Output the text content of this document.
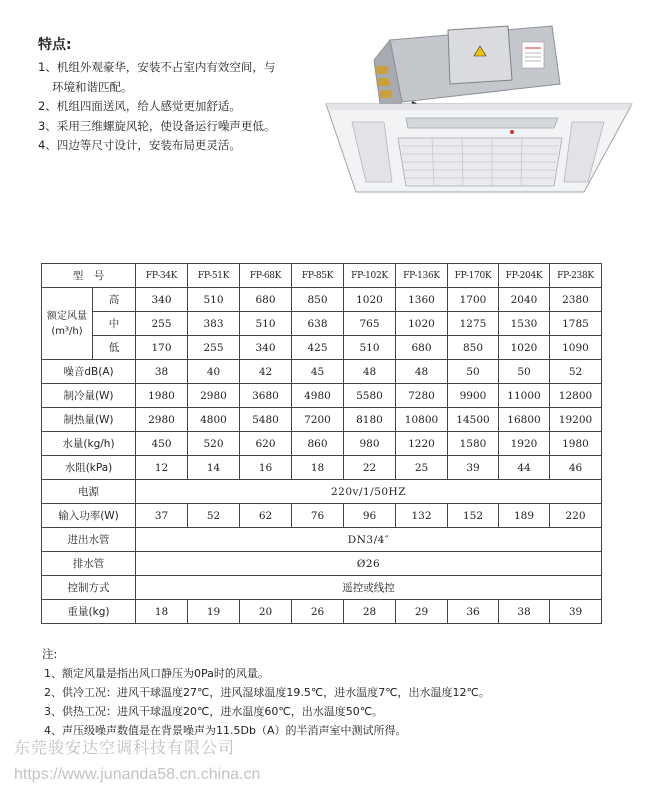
特点:
1、机组外观豪华，安装不占室内有效空间，与
环境和谐匹配。
2、机组四面送风，给人感觉更加舒适。
3、采用三维螺旋风轮，使设备运行噪声更低。
4、四边等尺寸设计，安装布局更灵活。
型　号		FP-34K	FP-51K	FP-68K	FP-85K	FP-102K	FP-136K	FP-170K	FP-204K	FP-238K

额定风量
(m³/h)	高	340	510	680	850	1020	1360	1700	2040	2380
	中	255	383	510	638	765	1020	1275	1530	1785
	低	170	255	340	425	510	680	850	1020	1090
噪音dB(A)		38	40	42	45	48	48	50	50	52
制冷量(W)		1980	2980	3680	4980	5580	7280	9900	11000	12800
制热量(W)		2980	4800	5480	7200	8180	10800	14500	16800	19200
水量(kg/h)		450	520	620	860	980	1220	1580	1920	1980
水阻(kPa)		12	14	16	18	22	25	39	44	46
电源		220v/1/50HZ								
输入功率(W)		37	52	62	76	96	132	152	189	220
进出水管		DN3/4″								
排水管		Ø26								
控制方式		遥控或线控								
重量(kg)		18	19	20	26	28	29	36	38	39
注:
1、额定风量是指出风口静压为0Pa时的风量。
2、供冷工况：进风干球温度27℃，进风湿球温度19.5℃，进水温度7℃，出水温度12℃。
3、供热工况：进风干球温度20℃，进水温度60℃，出水温度50℃。
4、声压级噪声数值是在背景噪声为11.5Db（A）的半消声室中测试所得。
东莞骏安达空调科技有限公司
https://www.junanda58.cn.china.cn
